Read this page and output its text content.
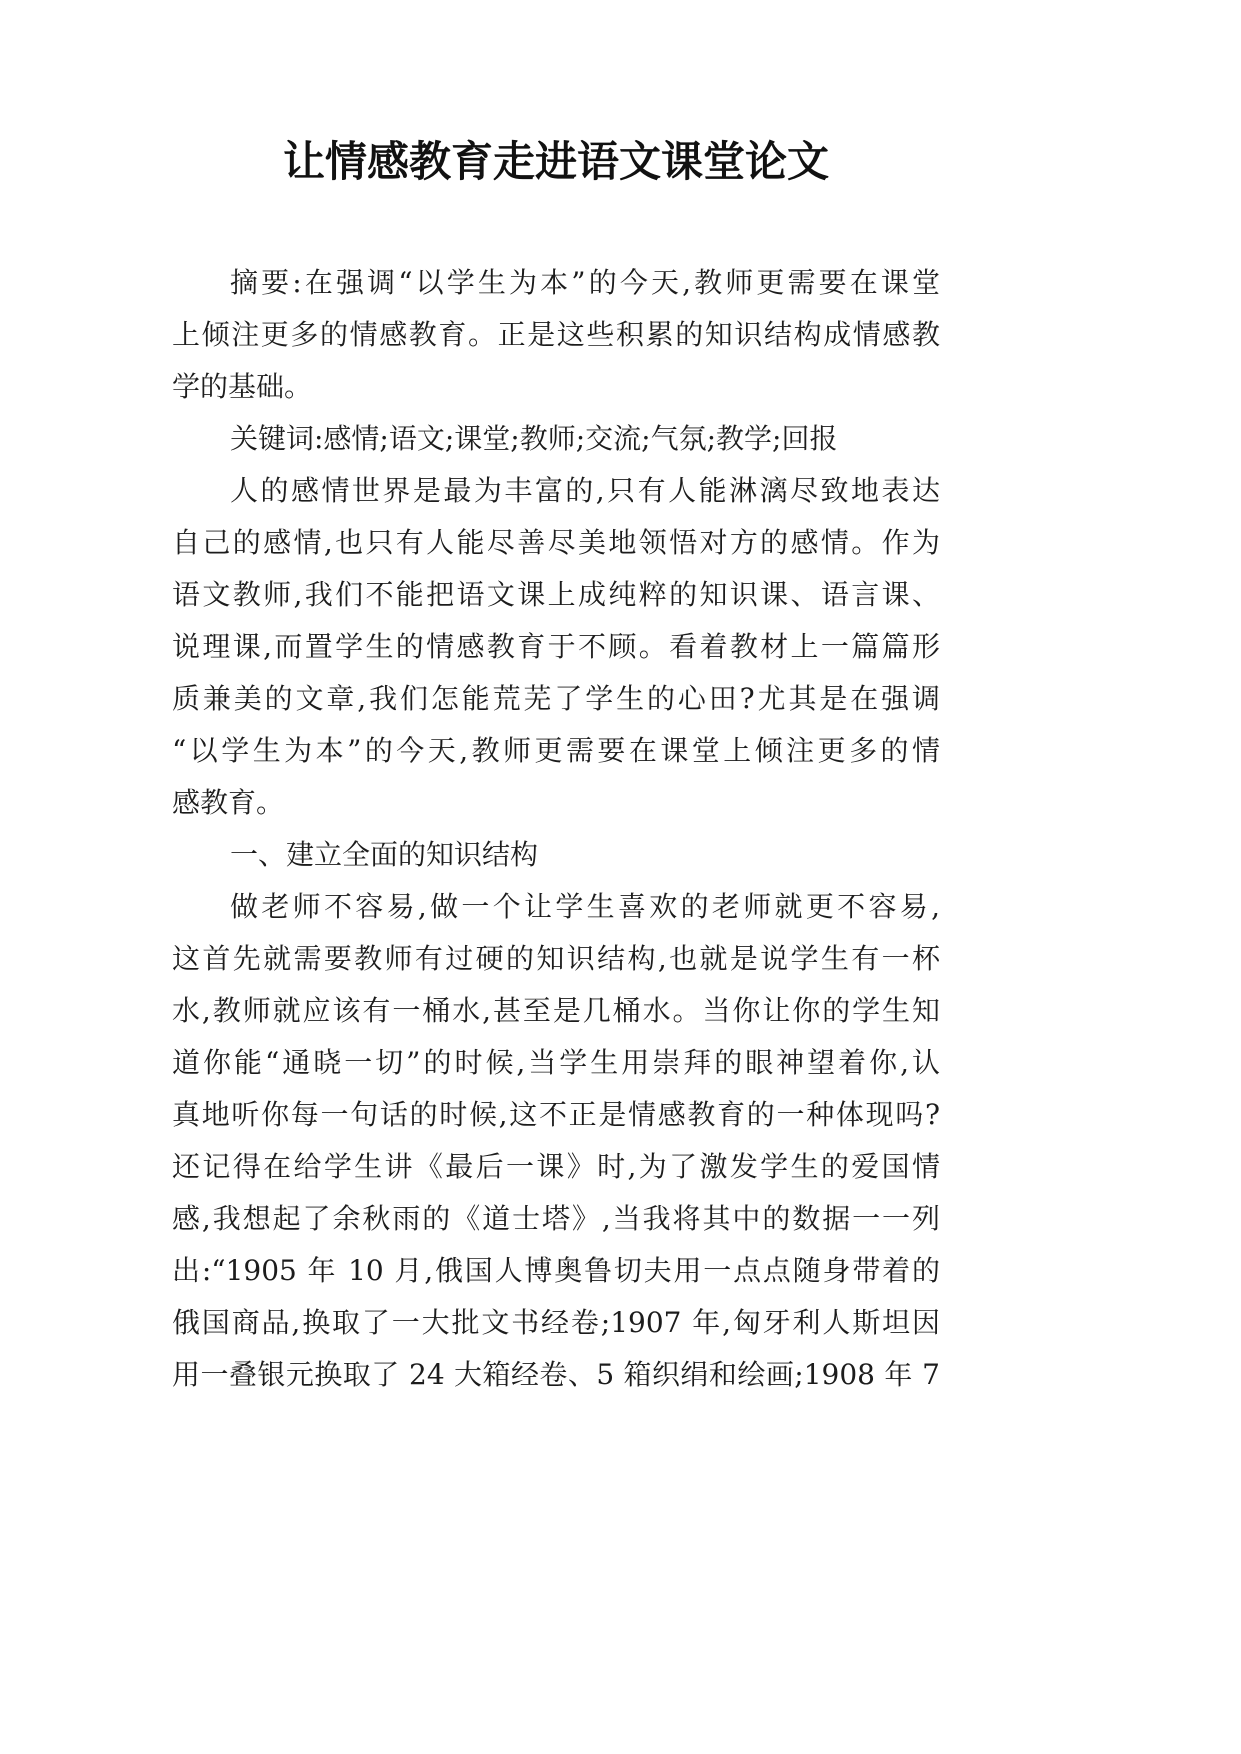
让情感教育走进语文课堂论文
摘要:在强调“以学生为本”的今天,教师更需要在课堂
上倾注更多的情感教育。正是这些积累的知识结构成情感教
学的基础。
关键词:感情;语文;课堂;教师;交流;气氛;教学;回报
人的感情世界是最为丰富的,只有人能淋漓尽致地表达
自己的感情,也只有人能尽善尽美地领悟对方的感情。作为
语文教师,我们不能把语文课上成纯粹的知识课、语言课、
说理课,而置学生的情感教育于不顾。看着教材上一篇篇形
质兼美的文章,我们怎能荒芜了学生的心田?尤其是在强调
“以学生为本”的今天,教师更需要在课堂上倾注更多的情
感教育。
一、建立全面的知识结构
做老师不容易,做一个让学生喜欢的老师就更不容易,
这首先就需要教师有过硬的知识结构,也就是说学生有一杯
水,教师就应该有一桶水,甚至是几桶水。当你让你的学生知
道你能“通晓一切”的时候,当学生用崇拜的眼神望着你,认
真地听你每一句话的时候,这不正是情感教育的一种体现吗?
还记得在给学生讲《最后一课》时,为了激发学生的爱国情
感,我想起了余秋雨的《道士塔》,当我将其中的数据一一列
出:“1905 年 10 月,俄国人博奥鲁切夫用一点点随身带着的
俄国商品,换取了一大批文书经卷;1907 年,匈牙利人斯坦因
用一叠银元换取了 24 大箱经卷、5 箱织绢和绘画;1908 年 7
